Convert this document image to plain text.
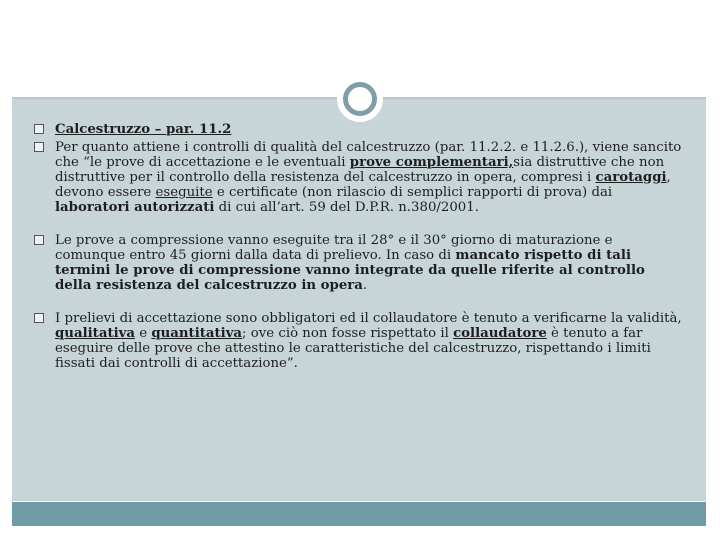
Calcestruzzo – par. 11.2

Per quanto attiene i controlli di qualità del calcestruzzo (par. 11.2.2. e 11.2.6.), viene sancito che “le prove di accettazione e le eventuali prove complementari,sia distruttive che non distruttive per il controllo della resistenza del calcestruzzo in opera, compresi i carotaggi, devono essere eseguite e certificate (non rilascio di semplici rapporti di prova) dai laboratori autorizzati di cui all’art. 59 del D.P.R. n.380/2001.

Le prove a compressione vanno eseguite tra il 28° e il 30° giorno di maturazione e comunque entro 45 giorni dalla data di prelievo. In caso di mancato rispetto di tali termini le prove di compressione vanno integrate da quelle riferite al controllo della resistenza del calcestruzzo in opera.

I prelievi di accettazione sono obbligatori ed il collaudatore è tenuto a verificarne la validità, qualitativa e quantitativa; ove ciò non fosse rispettato il collaudatore è tenuto a far eseguire delle prove che attestino le caratteristiche del calcestruzzo, rispettando i limiti fissati dai controlli di accettazione”.
